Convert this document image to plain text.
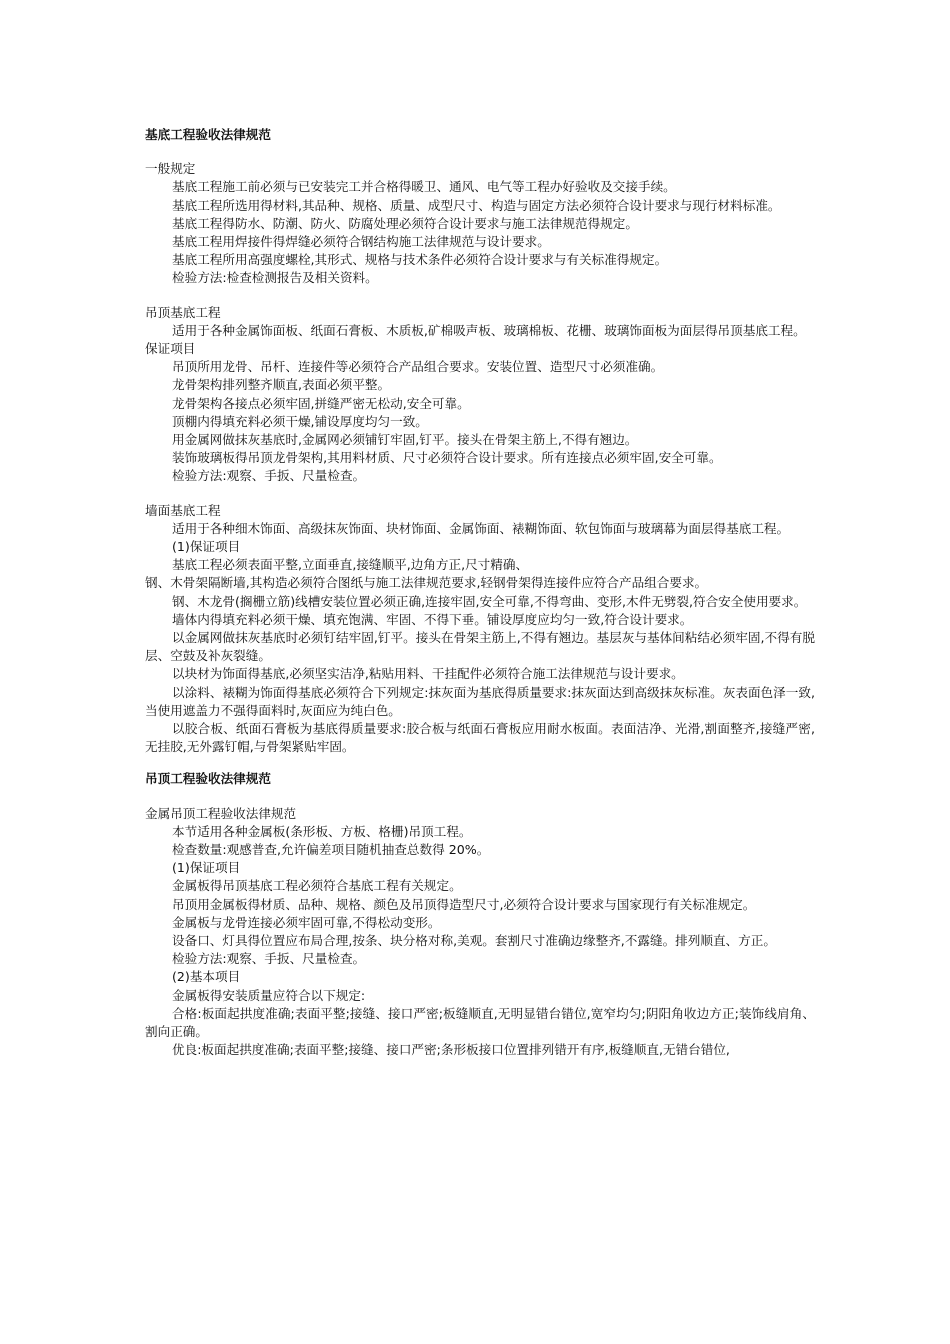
基底工程验收法律规范
一般规定
基底工程施工前必须与已安装完工并合格得暖卫、通风、电气等工程办好验收及交接手续。
基底工程所选用得材料,其品种、规格、质量、成型尺寸、构造与固定方法必须符合设计要求与现行材料标准。
基底工程得防水、防潮、防火、防腐处理必须符合设计要求与施工法律规范得规定。
基底工程用焊接件得焊缝必须符合钢结构施工法律规范与设计要求。
基底工程所用高强度螺栓,其形式、规格与技术条件必须符合设计要求与有关标准得规定。
检验方法:检查检测报告及相关资料。
吊顶基底工程
适用于各种金属饰面板、纸面石膏板、木质板,矿棉吸声板、玻璃棉板、花栅、玻璃饰面板为面层得吊顶基底工程。
保证项目
吊顶所用龙骨、吊杆、连接件等必须符合产品组合要求。安装位置、造型尺寸必须准确。
龙骨架构排列整齐顺直,表面必须平整。
龙骨架构各接点必须牢固,拼缝严密无松动,安全可靠。
顶棚内得填充料必须干燥,铺设厚度均匀一致。
用金属网做抹灰基底时,金属网必须铺钉牢固,钉平。接头在骨架主筋上,不得有翘边。
装饰玻璃板得吊顶龙骨架构,其用料材质、尺寸必须符合设计要求。所有连接点必须牢固,安全可靠。
检验方法:观察、手扳、尺量检查。
墙面基底工程
适用于各种细木饰面、高级抹灰饰面、块材饰面、金属饰面、裱糊饰面、软包饰面与玻璃幕为面层得基底工程。
(1)保证项目
基底工程必须表面平整,立面垂直,接缝顺平,边角方正,尺寸精确、
钢、木骨架隔断墙,其构造必须符合图纸与施工法律规范要求,轻钢骨架得连接件应符合产品组合要求。
钢、木龙骨(搁栅立筋)线槽安装位置必须正确,连接牢固,安全可靠,不得弯曲、变形,木件无劈裂,符合安全使用要求。
墙体内得填充料必须干燥、填充饱满、牢固、不得下垂。铺设厚度应均匀一致,符合设计要求。
以金属网做抹灰基底时必须钉结牢固,钉平。接头在骨架主筋上,不得有翘边。基层灰与基体间粘结必须牢固,不得有脱层、空鼓及补灰裂缝。
以块材为饰面得基底,必须坚实洁净,粘贴用料、干挂配件必须符合施工法律规范与设计要求。
以涂料、裱糊为饰面得基底必须符合下列规定:抹灰面为基底得质量要求:抹灰面达到高级抹灰标准。灰表面色泽一致,当使用遮盖力不强得面料时,灰面应为纯白色。
以胶合板、纸面石膏板为基底得质量要求:胶合板与纸面石膏板应用耐水板面。表面洁净、光滑,割面整齐,接缝严密,无挂胶,无外露钉帽,与骨架紧贴牢固。
吊顶工程验收法律规范
金属吊顶工程验收法律规范
本节适用各种金属板(条形板、方板、格栅)吊顶工程。
检查数量:观感普查,允许偏差项目随机抽查总数得 20%。
(1)保证项目
金属板得吊顶基底工程必须符合基底工程有关规定。
吊顶用金属板得材质、品种、规格、颜色及吊顶得造型尺寸,必须符合设计要求与国家现行有关标准规定。
金属板与龙骨连接必须牢固可靠,不得松动变形。
设备口、灯具得位置应布局合理,按条、块分格对称,美观。套割尺寸准确边缘整齐,不露缝。排列顺直、方正。
检验方法:观察、手扳、尺量检查。
(2)基本项目
金属板得安装质量应符合以下规定:
合格:板面起拱度准确;表面平整;接缝、接口严密;板缝顺直,无明显错台错位,宽窄均匀;阴阳角收边方正;装饰线肩角、割向正确。
优良:板面起拱度准确;表面平整;接缝、接口严密;条形板接口位置排列错开有序,板缝顺直,无错台错位,
